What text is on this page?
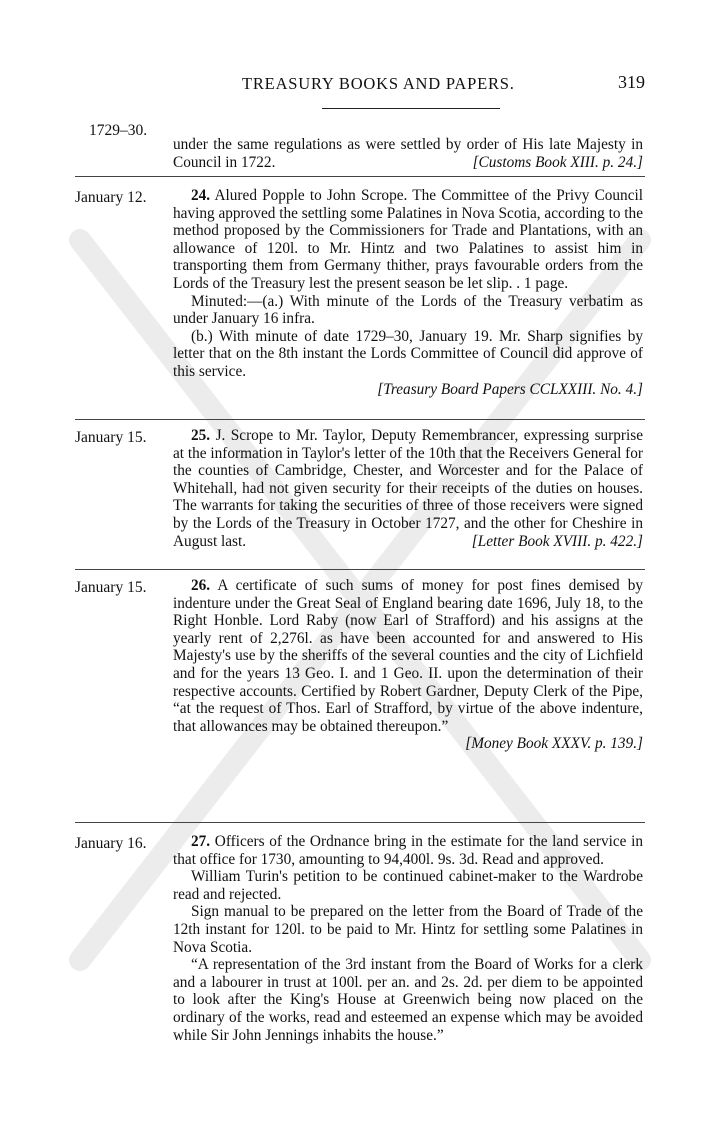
TREASURY BOOKS AND PAPERS.	319
1729–30.

under the same regulations as were settled by order of His late Majesty in Council in 1722.	[Customs Book XIII. p. 24.]

January 12.	24. Alured Popple to John Scrope. The Committee of the Privy Council having approved the settling some Palatines in Nova Scotia, according to the method proposed by the Commissioners for Trade and Plantations, with an allowance of 120l. to Mr. Hintz and two Palatines to assist him in transporting them from Germany thither, prays favourable orders from the Lords of the Treasury lest the present season be let slip. . 1 page.

Minuted:—(a.) With minute of the Lords of the Treasury verbatim as under January 16 infra.

(b.) With minute of date 1729–30, January 19. Mr. Sharp signifies by letter that on the 8th instant the Lords Committee of Council did approve of this service.

[Treasury Board Papers CCLXXIII. No. 4.]

January 15.	25. J. Scrope to Mr. Taylor, Deputy Remembrancer, expressing surprise at the information in Taylor's letter of the 10th that the Receivers General for the counties of Cambridge, Chester, and Worcester and for the Palace of Whitehall, had not given security for their receipts of the duties on houses. The warrants for taking the securities of three of those receivers were signed by the Lords of the Treasury in October 1727, and the other for Cheshire in August last.	[Letter Book XVIII. p. 422.]

January 15.	26. A certificate of such sums of money for post fines demised by indenture under the Great Seal of England bearing date 1696, July 18, to the Right Honble. Lord Raby (now Earl of Strafford) and his assigns at the yearly rent of 2,276l. as have been accounted for and answered to His Majesty's use by the sheriffs of the several counties and the city of Lichfield and for the years 13 Geo. I. and 1 Geo. II. upon the determination of their respective accounts. Certified by Robert Gardner, Deputy Clerk of the Pipe, “at the request of Thos. Earl of Strafford, by virtue of the above indenture, that allowances may be obtained thereupon.”
[Money Book XXXV. p. 139.]

January 16.	27. Officers of the Ordnance bring in the estimate for the land service in that office for 1730, amounting to 94,400l. 9s. 3d. Read and approved.

William Turin's petition to be continued cabinet-maker to the Wardrobe read and rejected.

Sign manual to be prepared on the letter from the Board of Trade of the 12th instant for 120l. to be paid to Mr. Hintz for settling some Palatines in Nova Scotia.

“A representation of the 3rd instant from the Board of Works for a clerk and a labourer in trust at 100l. per an. and 2s. 2d. per diem to be appointed to look after the King's House at Greenwich being now placed on the ordinary of the works, read and esteemed an expense which may be avoided while Sir John Jennings inhabits the house.”
